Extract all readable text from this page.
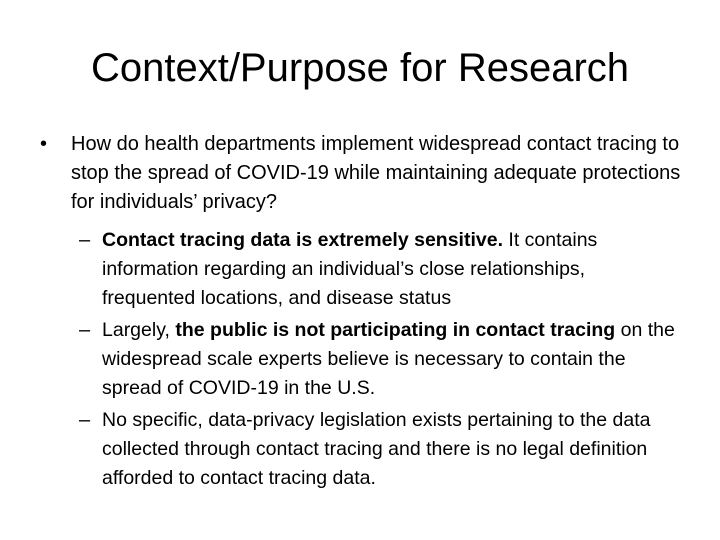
Context/Purpose for Research
• How do health departments implement widespread contact tracing to stop the spread of COVID-19 while maintaining adequate protections for individuals’ privacy?
– Contact tracing data is extremely sensitive. It contains information regarding an individual’s close relationships, frequented locations, and disease status
– Largely, the public is not participating in contact tracing on the widespread scale experts believe is necessary to contain the spread of COVID-19 in the U.S.
– No specific, data-privacy legislation exists pertaining to the data collected through contact tracing and there is no legal definition afforded to contact tracing data.
